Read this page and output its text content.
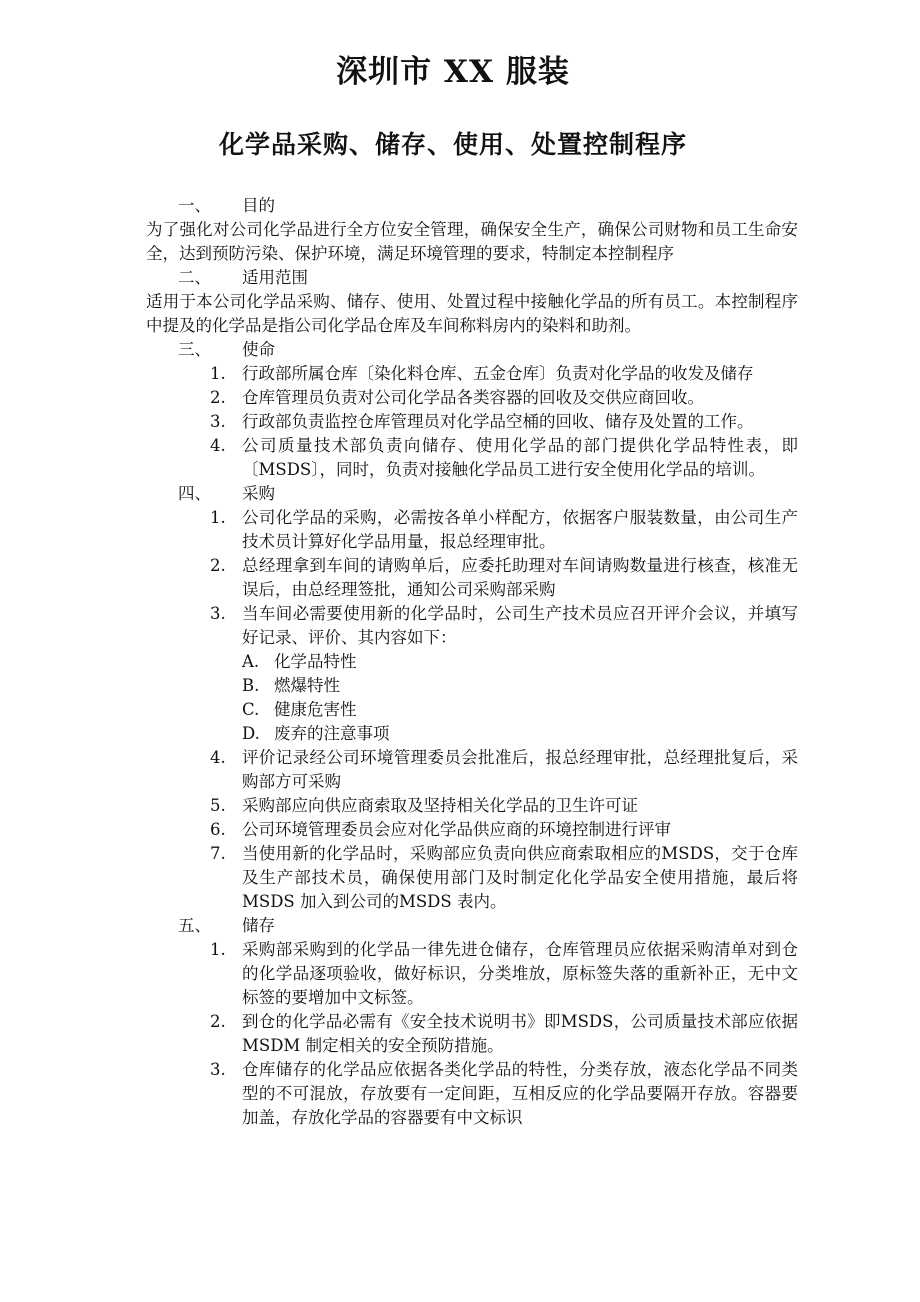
深圳市 XX 服装
化学品采购、储存、使用、处置控制程序
一、	目的

为了强化对公司化学品进行全方位安全管理，确保安全生产，确保公司财物和员工生命安全，达到预防污染、保护环境，满足环境管理的要求，特制定本控制程序

二、	适用范围

适用于本公司化学品采购、储存、使用、处置过程中接触化学品的所有员工。本控制程序中提及的化学品是指公司化学品仓库及车间称料房内的染料和助剂。

三、	使命
1. 行政部所属仓库〔染化料仓库、五金仓库〕负责对化学品的收发及储存
2. 仓库管理员负责对公司化学品各类容器的回收及交供应商回收。
3. 行政部负责监控仓库管理员对化学品空桶的回收、储存及处置的工作。
4. 公司质量技术部负责向储存、使用化学品的部门提供化学品特性表，即〔MSDS〕，同时，负责对接触化学品员工进行安全使用化学品的培训。
四、	采购
1. 公司化学品的采购，必需按各单小样配方，依据客户服装数量，由公司生产技术员计算好化学品用量，报总经理审批。
2. 总经理拿到车间的请购单后，应委托助理对车间请购数量进行核查，核准无误后，由总经理签批，通知公司采购部采购
3. 当车间必需要使用新的化学品时，公司生产技术员应召开评介会议，并填写好记录、评价、其内容如下：
A. 化学品特性
B. 燃爆特性
C. 健康危害性
D. 废弃的注意事项
4. 评价记录经公司环境管理委员会批准后，报总经理审批，总经理批复后，采购部方可采购
5. 采购部应向供应商索取及坚持相关化学品的卫生许可证
6. 公司环境管理委员会应对化学品供应商的环境控制进行评审
7. 当使用新的化学品时，采购部应负责向供应商索取相应的MSDS，交于仓库及生产部技术员，确保使用部门及时制定化化学品安全使用措施，最后将MSDS 加入到公司的MSDS 表内。
五、	储存
1. 采购部采购到的化学品一律先进仓储存，仓库管理员应依据采购清单对到仓的化学品逐项验收，做好标识，分类堆放，原标签失落的重新补正，无中文标签的要增加中文标签。
2. 到仓的化学品必需有《安全技术说明书》即MSDS，公司质量技术部应依据MSDM 制定相关的安全预防措施。
3. 仓库储存的化学品应依据各类化学品的特性，分类存放，液态化学品不同类型的不可混放，存放要有一定间距，互相反应的化学品要隔开存放。容器要加盖，存放化学品的容器要有中文标识
